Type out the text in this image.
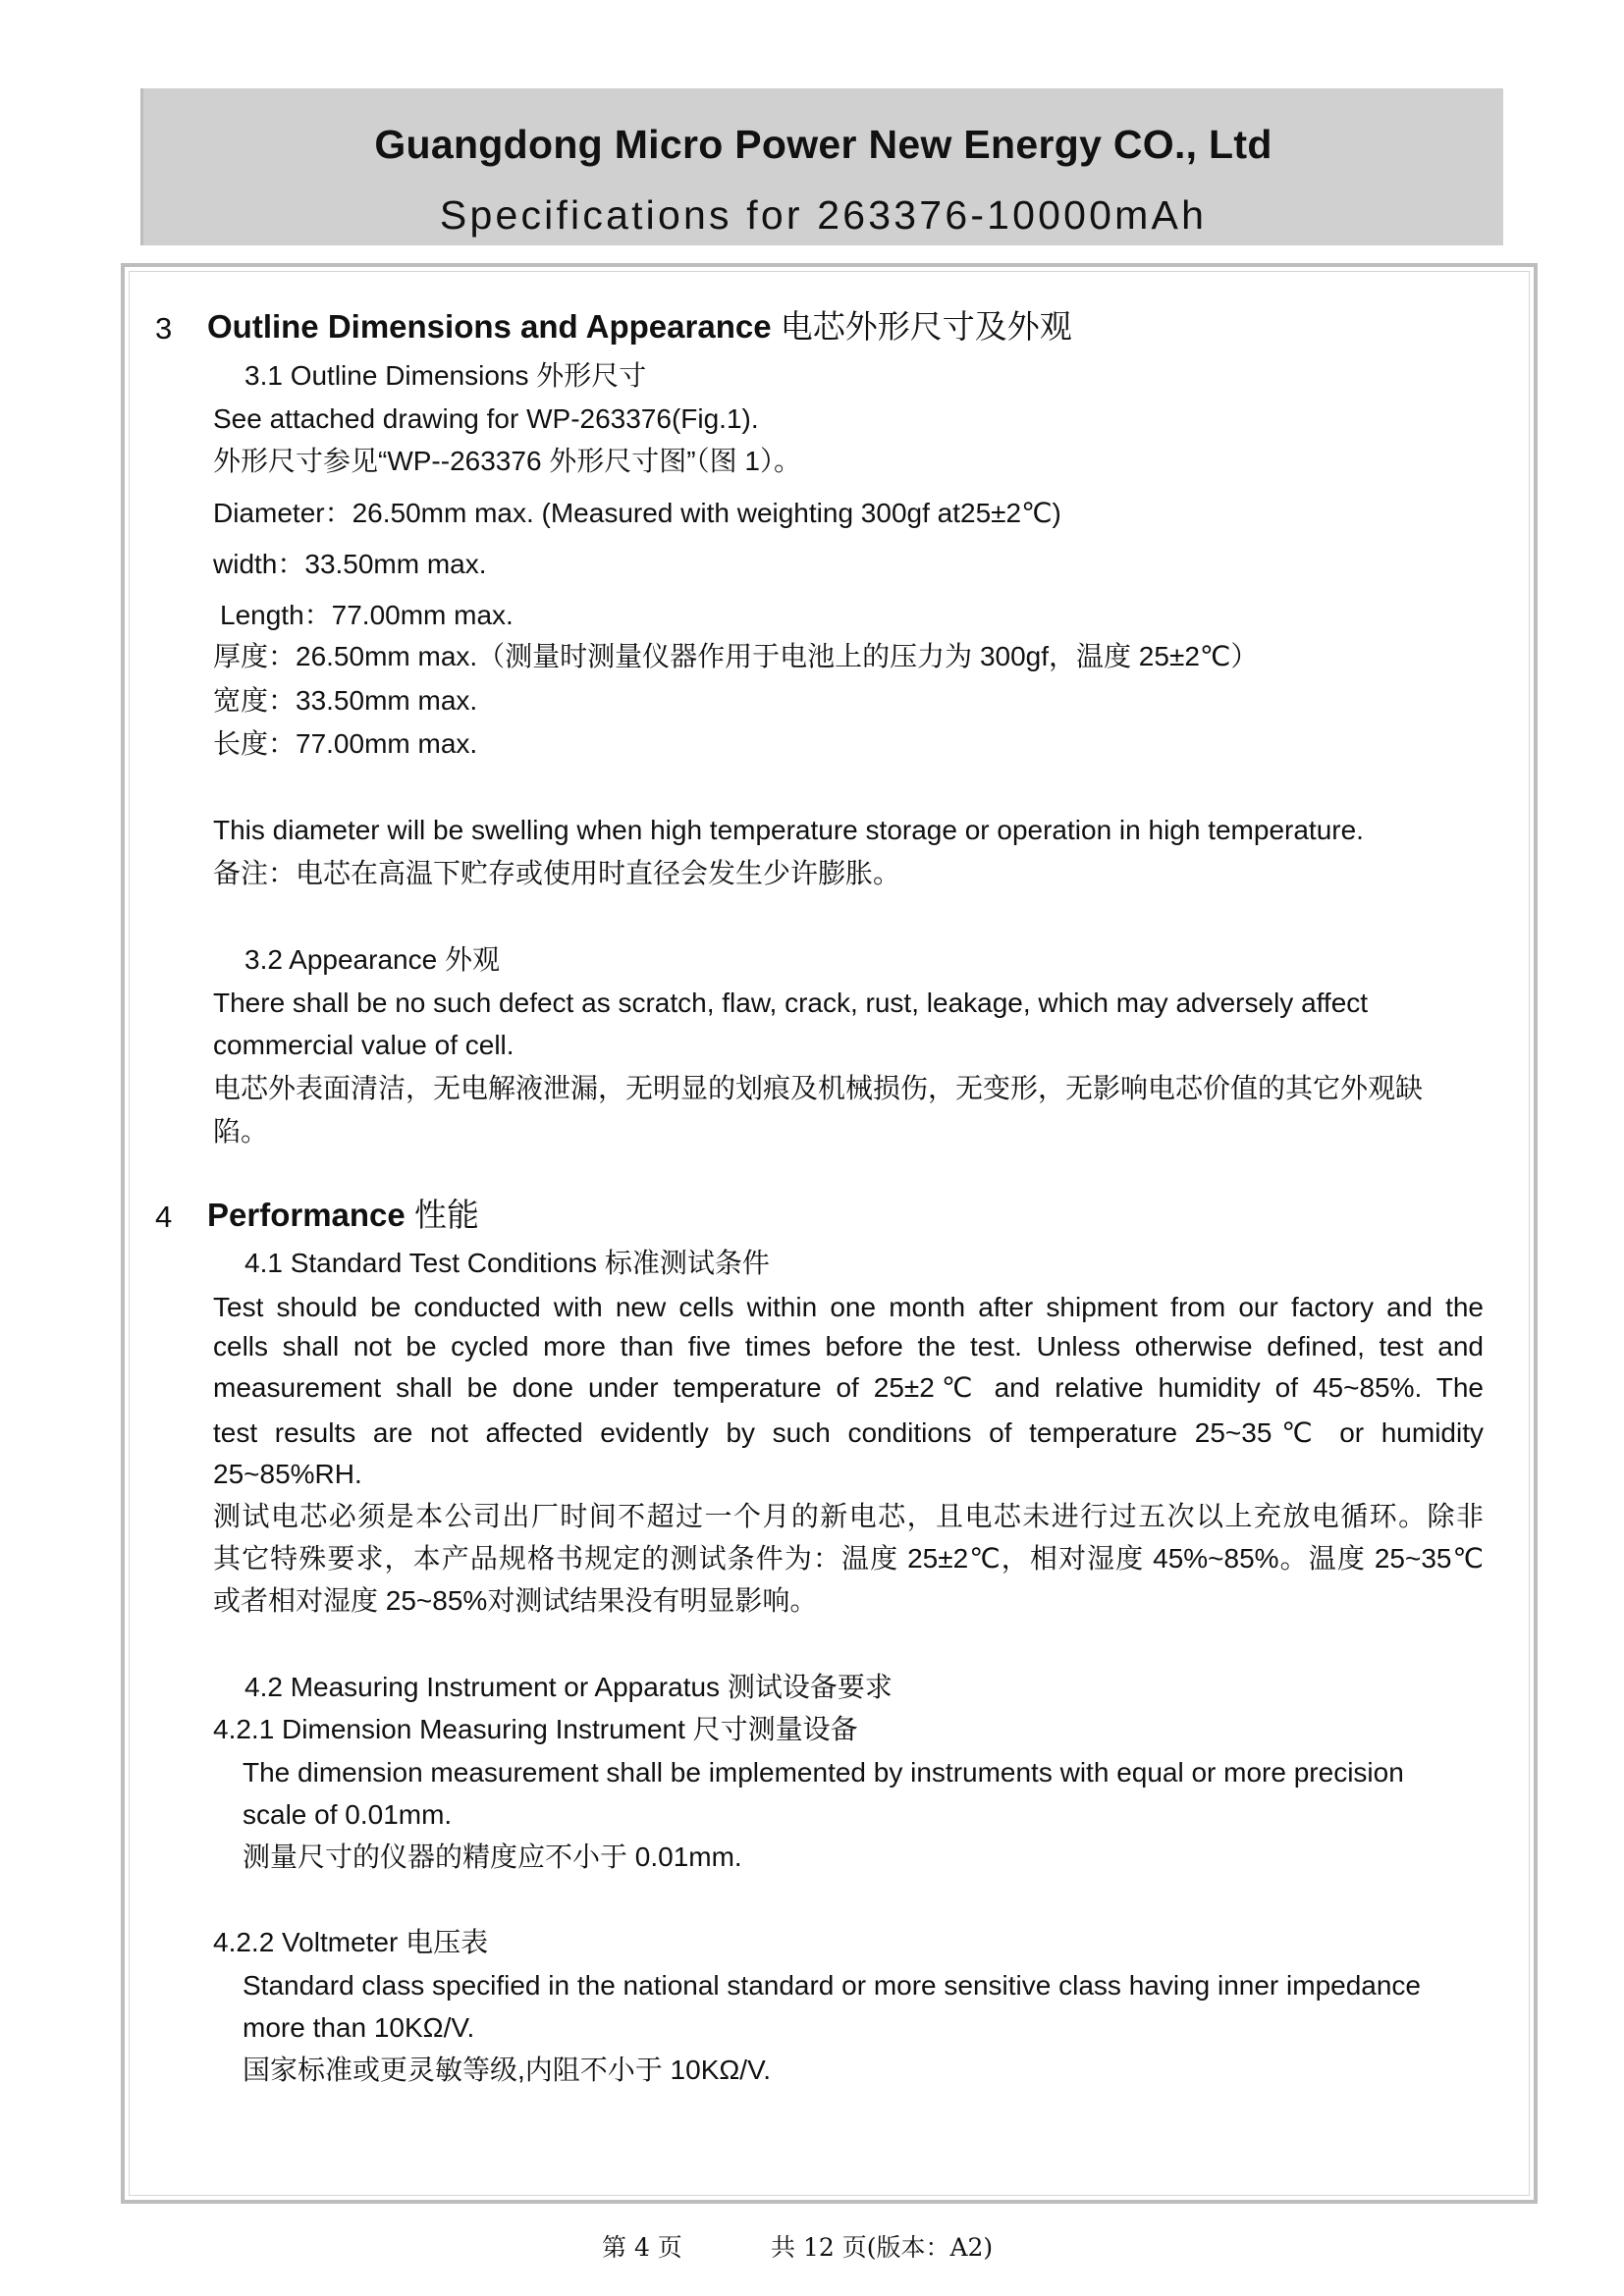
Guangdong Micro Power New Energy CO., Ltd
Specifications for 263376-10000mAh
3 Outline Dimensions and Appearance 电芯外形尺寸及外观
3.1 Outline Dimensions 外形尺寸
See attached drawing for WP-263376(Fig.1).
外形尺寸参见“WP--263376 外形尺寸图”（图 1）。
Diameter：26.50mm max. (Measured with weighting 300gf at25±2℃)
width：33.50mm max.
Length：77.00mm max.
厚度：26.50mm max.（测量时测量仪器作用于电池上的压力为 300gf，温度 25±2℃）
宽度：33.50mm max.
长度：77.00mm max.
This diameter will be swelling when high temperature storage or operation in high temperature.
备注：电芯在高温下贮存或使用时直径会发生少许膨胀。
3.2 Appearance 外观
There shall be no such defect as scratch, flaw, crack, rust, leakage, which may adversely affect
commercial value of cell.
电芯外表面清洁，无电解液泄漏，无明显的划痕及机械损伤，无变形，无影响电芯价值的其它外观缺
陷。
4 Performance 性能
4.1 Standard Test Conditions 标准测试条件
Test should be conducted with new cells within one month after shipment from our factory and the
cells shall not be cycled more than five times before the test. Unless otherwise defined, test and
measurement shall be done under temperature of 25±2℃ and relative humidity of 45~85%. The
test results are not affected evidently by such conditions of temperature 25~35℃ or humidity
25~85%RH.
测试电芯必须是本公司出厂时间不超过一个月的新电芯，且电芯未进行过五次以上充放电循环。除非
其它特殊要求，本产品规格书规定的测试条件为：温度 25±2℃，相对湿度 45%~85%。温度 25~35℃
或者相对湿度 25~85%对测试结果没有明显影响。
4.2 Measuring Instrument or Apparatus 测试设备要求
4.2.1 Dimension Measuring Instrument 尺寸测量设备
The dimension measurement shall be implemented by instruments with equal or more precision
scale of 0.01mm.
测量尺寸的仪器的精度应不小于 0.01mm.
4.2.2 Voltmeter 电压表
Standard class specified in the national standard or more sensitive class having inner impedance
more than 10KΩ/V.
国家标准或更灵敏等级,内阻不小于 10KΩ/V.
第 4 页	共 12 页(版本：A2)
